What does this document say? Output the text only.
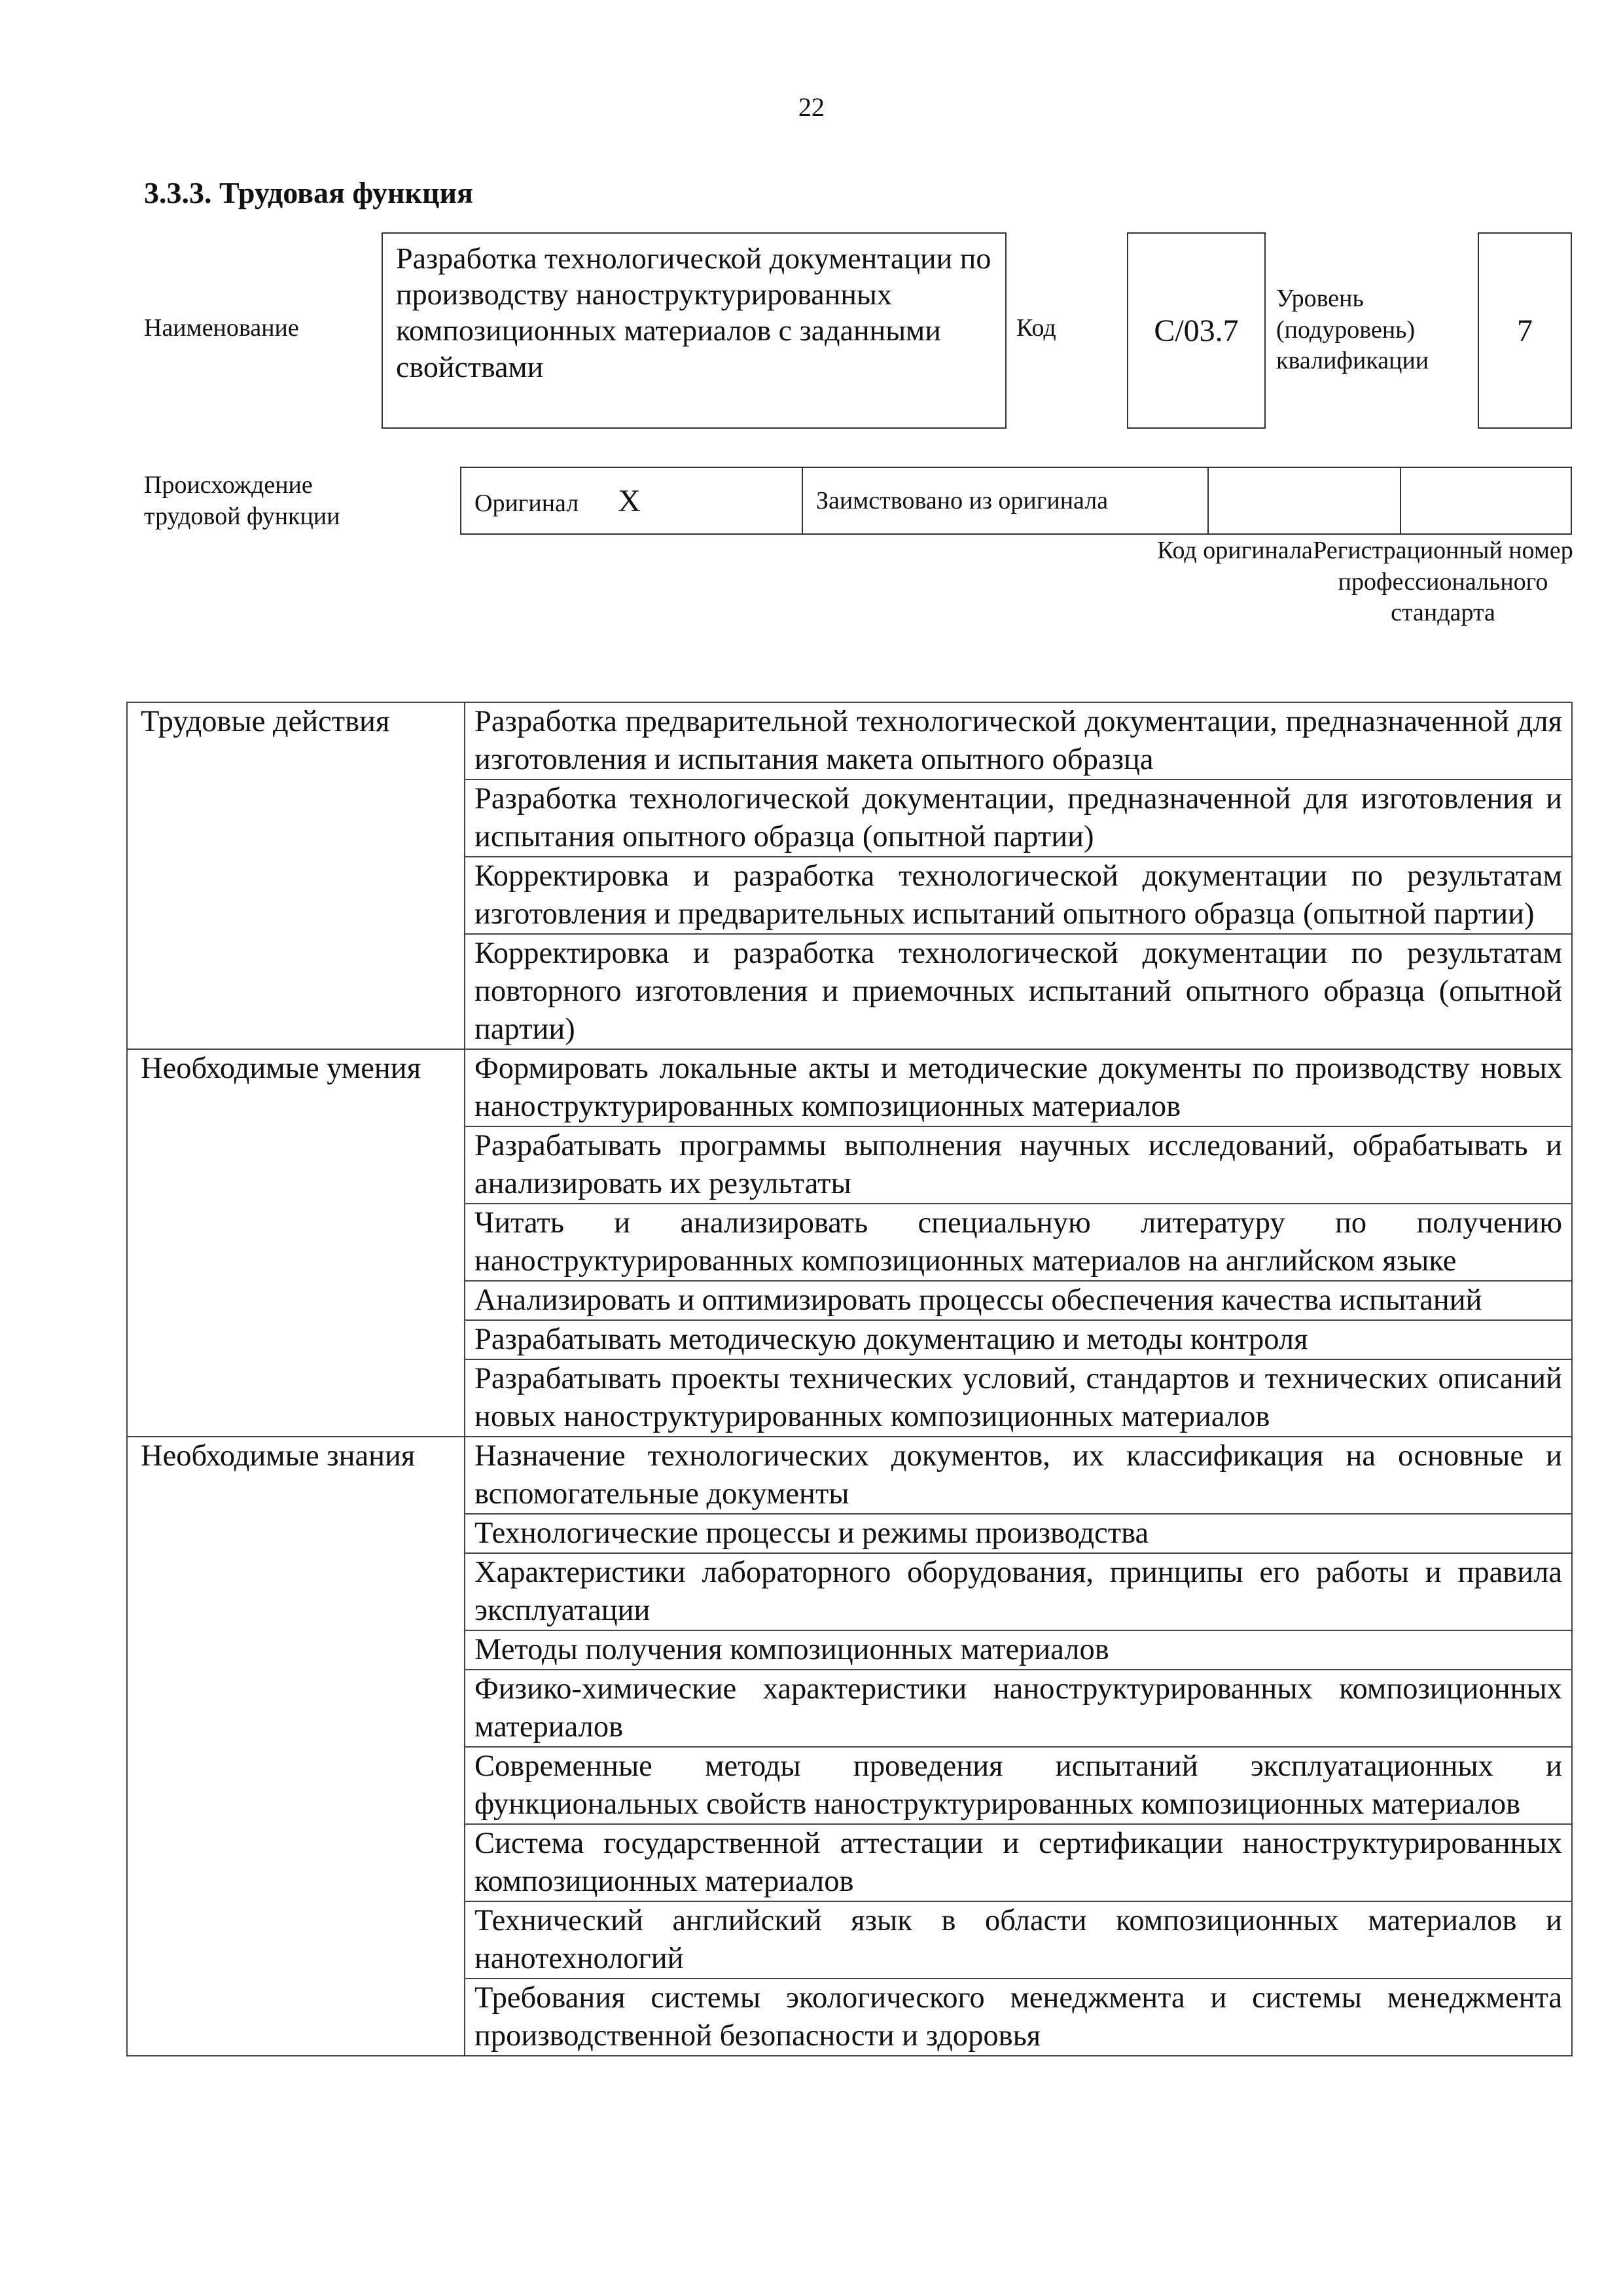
22
3.3.3. Трудовая функция
Наименование
Разработка технологической документации по производству наноструктурированных композиционных материалов с заданными свойствами
Код	С/03.7
Уровень (подуровень) квалификации
7
Происхождение трудовой функции	Оригинал Х	Заимствовано из оригинала		
Код оригинала Регистрационный номер профессионального стандарта
Трудовые действия	Разработка предварительной технологической документации, предназначенной для изготовления и испытания макета опытного образца
	Разработка технологической документации, предназначенной для изготовления и испытания опытного образца (опытной партии)
	Корректировка и разработка технологической документации по результатам изготовления и предварительных испытаний опытного образца (опытной партии)
	Корректировка и разработка технологической документации по результатам повторного изготовления и приемочных испытаний опытного образца (опытной партии)
Необходимые умения	Формировать локальные акты и методические документы по производству новых наноструктурированных композиционных материалов
	Разрабатывать программы выполнения научных исследований, обрабатывать и анализировать их результаты
	Читать и анализировать специальную литературу по получению наноструктурированных композиционных материалов на английском языке
	Анализировать и оптимизировать процессы обеспечения качества испытаний
	Разрабатывать методическую документацию и методы контроля
	Разрабатывать проекты технических условий, стандартов и технических описаний новых наноструктурированных композиционных материалов
Необходимые знания	Назначение технологических документов, их классификация на основные и вспомогательные документы
	Технологические процессы и режимы производства
	Характеристики лабораторного оборудования, принципы его работы и правила эксплуатации
	Методы получения композиционных материалов
	Физико-химические характеристики наноструктурированных композиционных материалов
	Современные методы проведения испытаний эксплуатационных и функциональных свойств наноструктурированных композиционных материалов
	Система государственной аттестации и сертификации наноструктурированных композиционных материалов
	Технический английский язык в области композиционных материалов и нанотехнологий
	Требования системы экологического менеджмента и системы менеджмента производственной безопасности и здоровья
